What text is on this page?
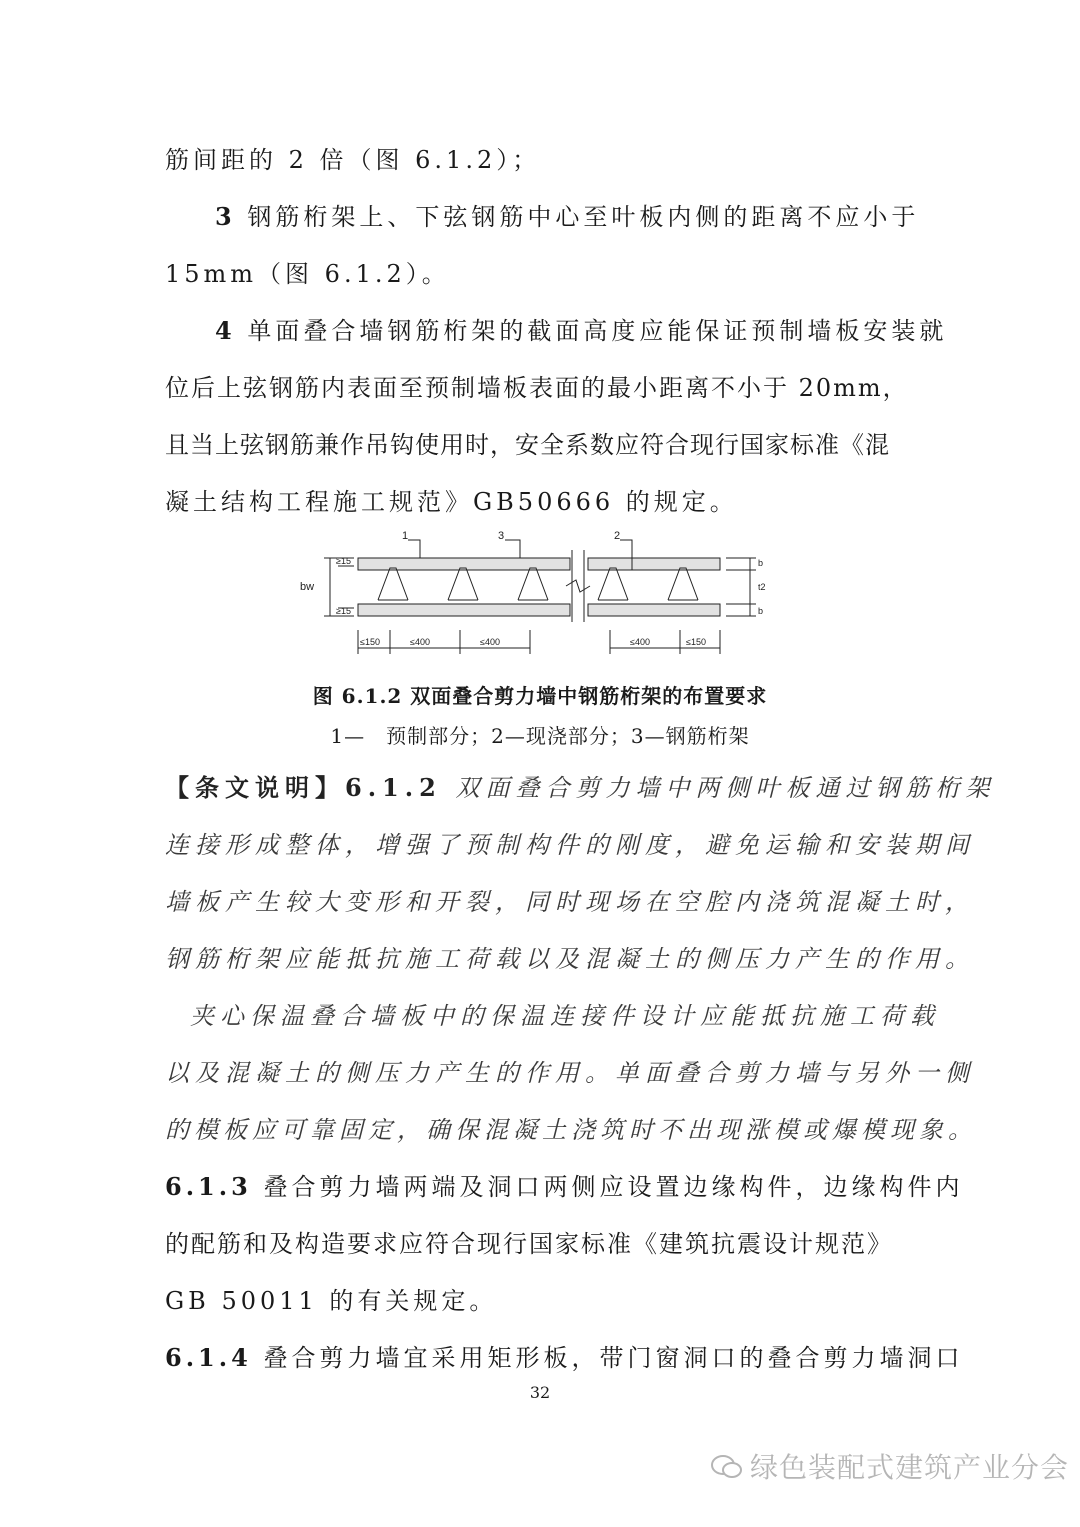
筋间距的 2 倍（图 6.1.2）；
3 钢筋桁架上、下弦钢筋中心至叶板内侧的距离不应小于
15mm（图 6.1.2）。
4 单面叠合墙钢筋桁架的截面高度应能保证预制墙板安装就
位后上弦钢筋内表面至预制墙板表面的最小距离不小于 20mm，
且当上弦钢筋兼作吊钩使用时，安全系数应符合现行国家标准《混
凝土结构工程施工规范》GB50666 的规定。
1	3	2
bw
≥15
≥15
b
t2
b
≤150	≤400	≤400	≤400	≤150
图 6.1.2 双面叠合剪力墙中钢筋桁架的布置要求
1—　预制部分；2—现浇部分；3—钢筋桁架
【条文说明】6.1.2 双面叠合剪力墙中两侧叶板通过钢筋桁架
连接形成整体，增强了预制构件的刚度，避免运输和安装期间
墙板产生较大变形和开裂，同时现场在空腔内浇筑混凝土时，
钢筋桁架应能抵抗施工荷载以及混凝土的侧压力产生的作用。
夹心保温叠合墙板中的保温连接件设计应能抵抗施工荷载
以及混凝土的侧压力产生的作用。单面叠合剪力墙与另外一侧
的模板应可靠固定，确保混凝土浇筑时不出现涨模或爆模现象。
6.1.3 叠合剪力墙两端及洞口两侧应设置边缘构件，边缘构件内
的配筋和及构造要求应符合现行国家标准《建筑抗震设计规范》
GB 50011 的有关规定。
6.1.4 叠合剪力墙宜采用矩形板，带门窗洞口的叠合剪力墙洞口
32
绿色装配式建筑产业分会
